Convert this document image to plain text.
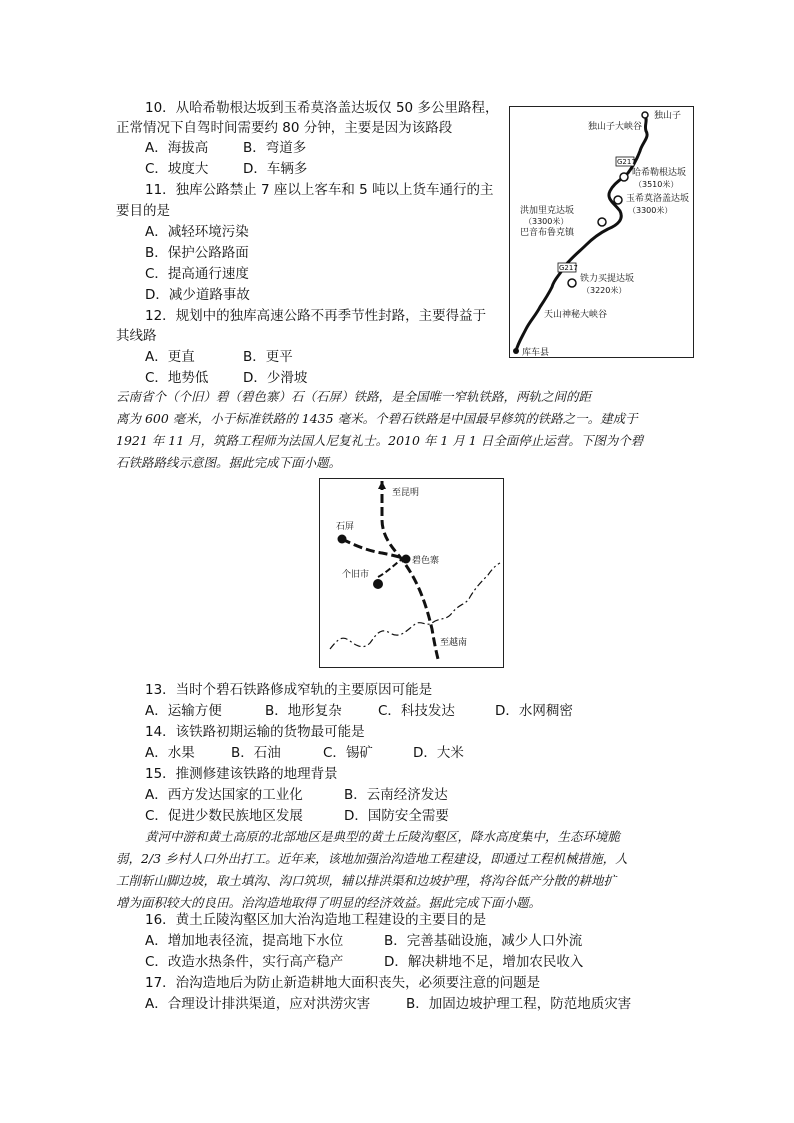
10．从哈希勒根达坂到玉希莫洛盖达坂仅 50 多公里路程，
正常情况下自驾时间需要约 80 分钟，主要是因为该路段
A．海拔高	B．弯道多
C．坡度大	D．车辆多
11．独库公路禁止 7 座以上客车和 5 吨以上货车通行的主
要目的是
A．减轻环境污染
B．保护公路路面
C．提高通行速度
D．减少道路事故
12．规划中的独库高速公路不再季节性封路，主要得益于
其线路
A．更直	B．更平
C．地势低	D．少滑坡
独山子
独山子大峡谷
G217
哈希勒根达坂
（3510米）
玉希莫洛盖达坂
（3300米）
洪加里克达坂
（3300米）
巴音布鲁克镇
G217
铁力买提达坂
（3220米）
天山神秘大峡谷
库车县
云南省个（个旧）碧（碧色寨）石（石屏）铁路，是全国唯一窄轨铁路，两轨之间的距
离为 600 毫米，小于标准铁路的 1435 毫米。个碧石铁路是中国最早修筑的铁路之一。建成于
1921 年 11 月，筑路工程师为法国人尼复礼士。2010 年 1 月 1 日全面停止运营。下图为个碧
石铁路路线示意图。据此完成下面小题。
至昆明
石屏
碧色寨
个旧市
至越南
13．当时个碧石铁路修成窄轨的主要原因可能是
A．运输方便	B．地形复杂	C．科技发达	D．水网稠密
14．该铁路初期运输的货物最可能是
A．水果	B．石油	C．锡矿	D．大米
15．推测修建该铁路的地理背景
A．西方发达国家的工业化	B．云南经济发达
C．促进少数民族地区发展	D．国防安全需要
黄河中游和黄土高原的北部地区是典型的黄土丘陵沟壑区，降水高度集中，生态环境脆
弱，2/3 乡村人口外出打工。近年来，该地加强治沟造地工程建设，即通过工程机械措施，人
工削斩山脚边坡，取土填沟、沟口筑坝，辅以排洪渠和边坡护理，将沟谷低产分散的耕地扩
增为面积较大的良田。治沟造地取得了明显的经济效益。据此完成下面小题。
16．黄土丘陵沟壑区加大治沟造地工程建设的主要目的是
A．增加地表径流，提高地下水位	B．完善基础设施，减少人口外流
C．改造水热条件，实行高产稳产	D．解决耕地不足，增加农民收入
17．治沟造地后为防止新造耕地大面积丧失，必须要注意的问题是
A．合理设计排洪渠道，应对洪涝灾害	B．加固边坡护理工程，防范地质灾害
